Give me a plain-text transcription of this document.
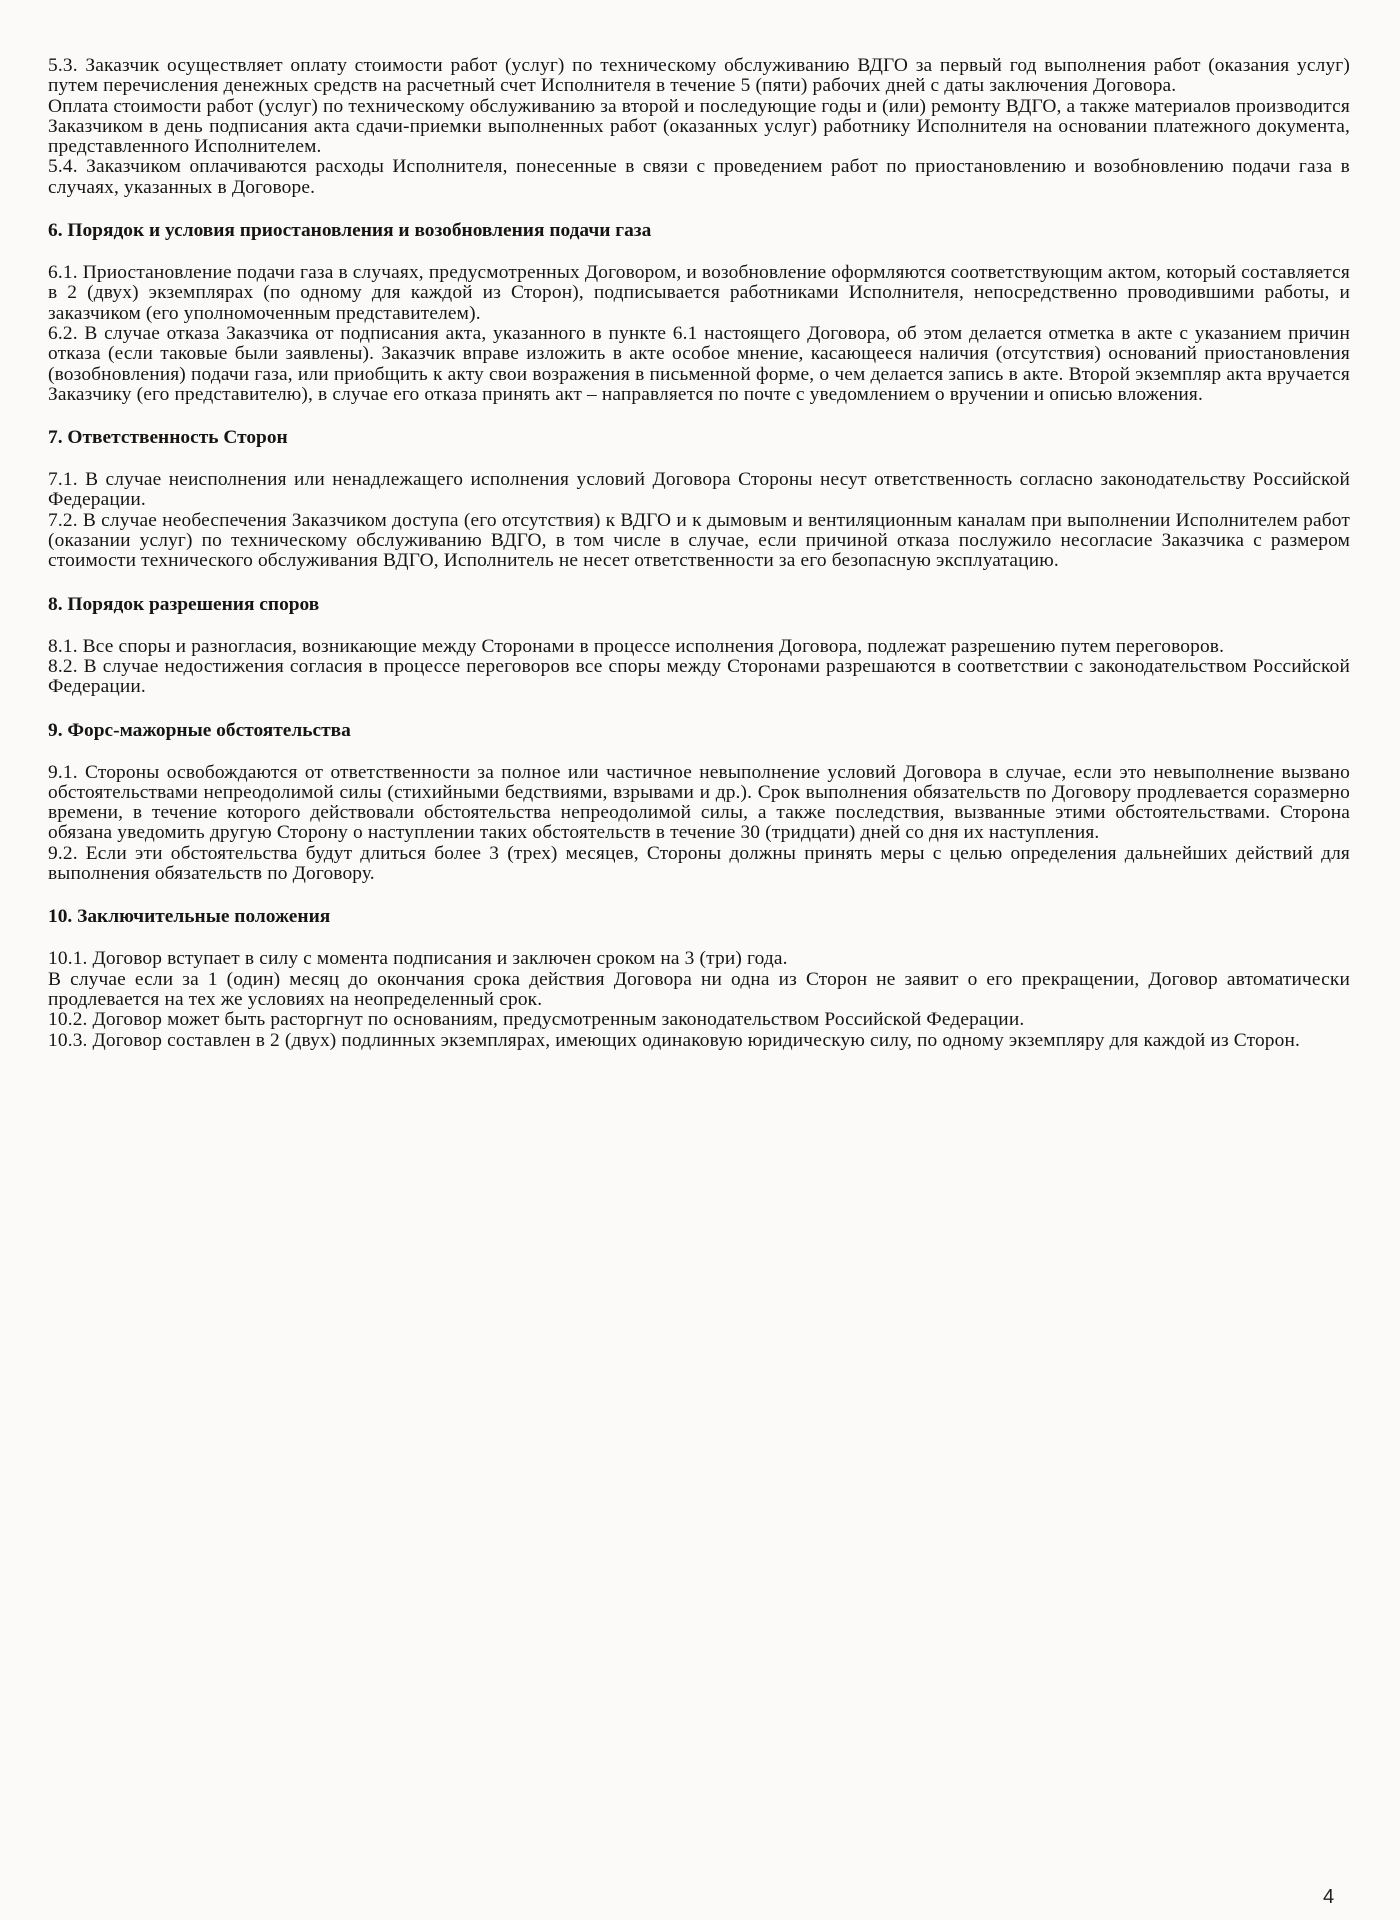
5.3. Заказчик осуществляет оплату стоимости работ (услуг) по техническому обслуживанию ВДГО за первый год выполнения работ (оказания услуг) путем перечисления денежных средств на расчетный счет Исполнителя в течение 5 (пяти) рабочих дней с даты заключения Договора.

Оплата стоимости работ (услуг) по техническому обслуживанию за второй и последующие годы и (или) ремонту ВДГО, а также материалов производится Заказчиком в день подписания акта сдачи-приемки выполненных работ (оказанных услуг) работнику Исполнителя на основании платежного документа, представленного Исполнителем.

5.4. Заказчиком оплачиваются расходы Исполнителя, понесенные в связи с проведением работ по приостановлению и возобновлению подачи газа в случаях, указанных в Договоре.

6. Порядок и условия приостановления и возобновления подачи газа

6.1. Приостановление подачи газа в случаях, предусмотренных Договором, и возобновление оформляются соответствующим актом, который составляется в 2 (двух) экземплярах (по одному для каждой из Сторон), подписывается работниками Исполнителя, непосредственно проводившими работы, и заказчиком (его уполномоченным представителем).

6.2. В случае отказа Заказчика от подписания акта, указанного в пункте 6.1 настоящего Договора, об этом делается отметка в акте с указанием причин отказа (если таковые были заявлены). Заказчик вправе изложить в акте особое мнение, касающееся наличия (отсутствия) оснований приостановления (возобновления) подачи газа, или приобщить к акту свои возражения в письменной форме, о чем делается запись в акте. Второй экземпляр акта вручается Заказчику (его представителю), в случае его отказа принять акт – направляется по почте с уведомлением о вручении и описью вложения.

7. Ответственность Сторон

7.1. В случае неисполнения или ненадлежащего исполнения условий Договора Стороны несут ответственность согласно законодательству Российской Федерации.

7.2. В случае необеспечения Заказчиком доступа (его отсутствия) к ВДГО и к дымовым и вентиляционным каналам при выполнении Исполнителем работ (оказании услуг) по техническому обслуживанию ВДГО, в том числе в случае, если причиной отказа послужило несогласие Заказчика с размером стоимости технического обслуживания ВДГО, Исполнитель не несет ответственности за его безопасную эксплуатацию.

8. Порядок разрешения споров

8.1. Все споры и разногласия, возникающие между Сторонами в процессе исполнения Договора, подлежат разрешению путем переговоров.

8.2. В случае недостижения согласия в процессе переговоров все споры между Сторонами разрешаются в соответствии с законодательством Российской Федерации.

9. Форс-мажорные обстоятельства

9.1. Стороны освобождаются от ответственности за полное или частичное невыполнение условий Договора в случае, если это невыполнение вызвано обстоятельствами непреодолимой силы (стихийными бедствиями, взрывами и др.). Срок выполнения обязательств по Договору продлевается соразмерно времени, в течение которого действовали обстоятельства непреодолимой силы, а также последствия, вызванные этими обстоятельствами. Сторона обязана уведомить другую Сторону о наступлении таких обстоятельств в течение 30 (тридцати) дней со дня их наступления.

9.2. Если эти обстоятельства будут длиться более 3 (трех) месяцев, Стороны должны принять меры с целью определения дальнейших действий для выполнения обязательств по Договору.

10. Заключительные положения

10.1. Договор вступает в силу с момента подписания и заключен сроком на 3 (три) года.

В случае если за 1 (один) месяц до окончания срока действия Договора ни одна из Сторон не заявит о его прекращении, Договор автоматически продлевается на тех же условиях на неопределенный срок.

10.2. Договор может быть расторгнут по основаниям, предусмотренным законодательством Российской Федерации.

10.3. Договор составлен в 2 (двух) подлинных экземплярах, имеющих одинаковую юридическую силу, по одному экземпляру для каждой из Сторон.

4
